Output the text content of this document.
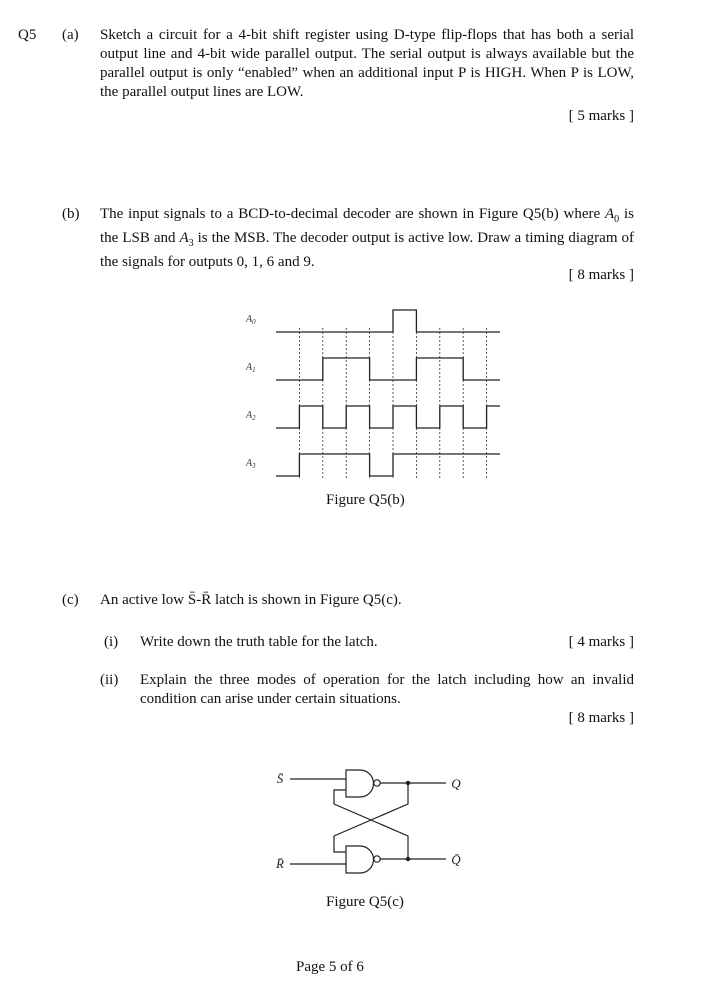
Q5 (a) Sketch a circuit for a 4-bit shift register using D-type flip-flops that has both a serial output line and 4-bit wide parallel output. The serial output is always available but the parallel output is only “enabled” when an additional input P is HIGH. When P is LOW, the parallel output lines are LOW.
[ 5 marks ]
(b) The input signals to a BCD-to-decimal decoder are shown in Figure Q5(b) where $A_0$ is the LSB and $A_3$ is the MSB. The decoder output is active low. Draw a timing diagram of the signals for outputs 0, 1, 6 and 9.
[ 8 marks ]
$A_0$
$A_1$
$A_2$
$A_3$
Figure Q5(b)
(c) An active low S̄-R̄ latch is shown in Figure Q5(c).
(i) Write down the truth table for the latch.	[ 4 marks ]
(ii) Explain the three modes of operation for the latch including how an invalid condition can arise under certain situations.
[ 8 marks ]
S̄
R̄
Q
Q̄
Figure Q5(c)
Page 5 of 6
